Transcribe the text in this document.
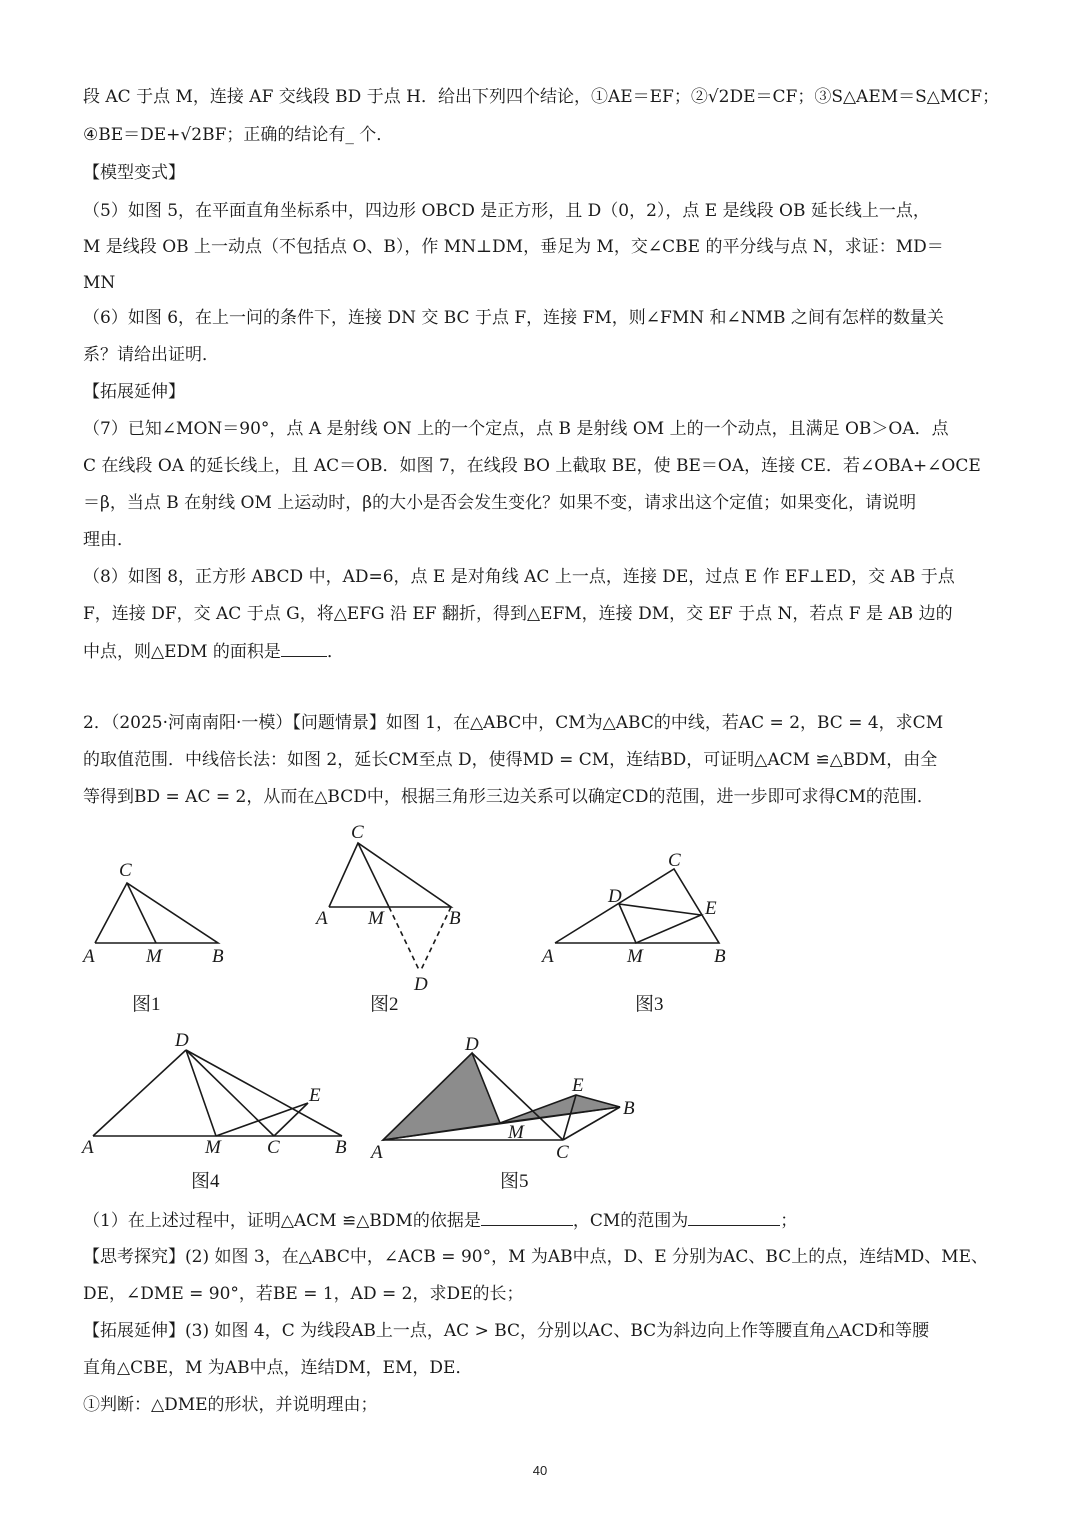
段 AC 于点 M，连接 AF 交线段 BD 于点 H．给出下列四个结论，①AE＝EF；②√2DE＝CF；③S△AEM＝S△MCF；
④BE＝DE+√2BF；正确的结论有_ 个．
【模型变式】
（5）如图 5，在平面直角坐标系中，四边形 OBCD 是正方形，且 D（0，2），点 E 是线段 OB 延长线上一点，
M 是线段 OB 上一动点（不包括点 O、B），作 MN⊥DM，垂足为 M，交∠CBE 的平分线与点 N，求证：MD＝
MN
（6）如图 6，在上一问的条件下，连接 DN 交 BC 于点 F，连接 FM，则∠FMN 和∠NMB 之间有怎样的数量关
系？请给出证明．
【拓展延伸】
（7）已知∠MON＝90°，点 A 是射线 ON 上的一个定点，点 B 是射线 OM 上的一个动点，且满足 OB＞OA．点
C 在线段 OA 的延长线上，且 AC＝OB．如图 7，在线段 BO 上截取 BE，使 BE＝OA，连接 CE．若∠OBA+∠OCE
＝β，当点 B 在射线 OM 上运动时，β的大小是否会发生变化？如果不变，请求出这个定值；如果变化，请说明
理由．
（8）如图 8，正方形 ABCD 中，AD=6，点 E 是对角线 AC 上一点，连接 DE，过点 E 作 EF⊥ED，交 AB 于点
F，连接 DF，交 AC 于点 G，将△EFG 沿 EF 翻折，得到△EFM，连接 DM，交 EF 于点 N，若点 F 是 AB 边的
中点，则△EDM 的面积是	．
2．（2025·河南南阳·一模）【问题情景】如图 1，在△ABC中，CM为△ABC的中线，若AC = 2，BC = 4，求CM
的取值范围．中线倍长法：如图 2，延长CM至点 D，使得MD = CM，连结BD，可证明△ACM ≌△BDM，由全
等得到BD = AC = 2，从而在△BCD中，根据三角形三边关系可以确定CD的范围，进一步即可求得CM的范围．
C
A	M	B
C
A M	B
D
C
D
E
A	M	B
D
E
A	M C	B
D
E
B
M
A	C
图1	图2	图3
图4	图5
（1）在上述过程中，证明△ACM ≌△BDM的依据是	，CM的范围为	；
【思考探究】(2) 如图 3，在△ABC中，∠ACB = 90°，M 为AB中点，D、E 分别为AC、BC上的点，连结MD、ME、
DE，∠DME = 90°，若BE = 1，AD = 2，求DE的长；
【拓展延伸】(3) 如图 4，C 为线段AB上一点，AC > BC，分别以AC、BC为斜边向上作等腰直角△ACD和等腰
直角△CBE，M 为AB中点，连结DM，EM，DE．
①判断：△DME的形状，并说明理由；
40
